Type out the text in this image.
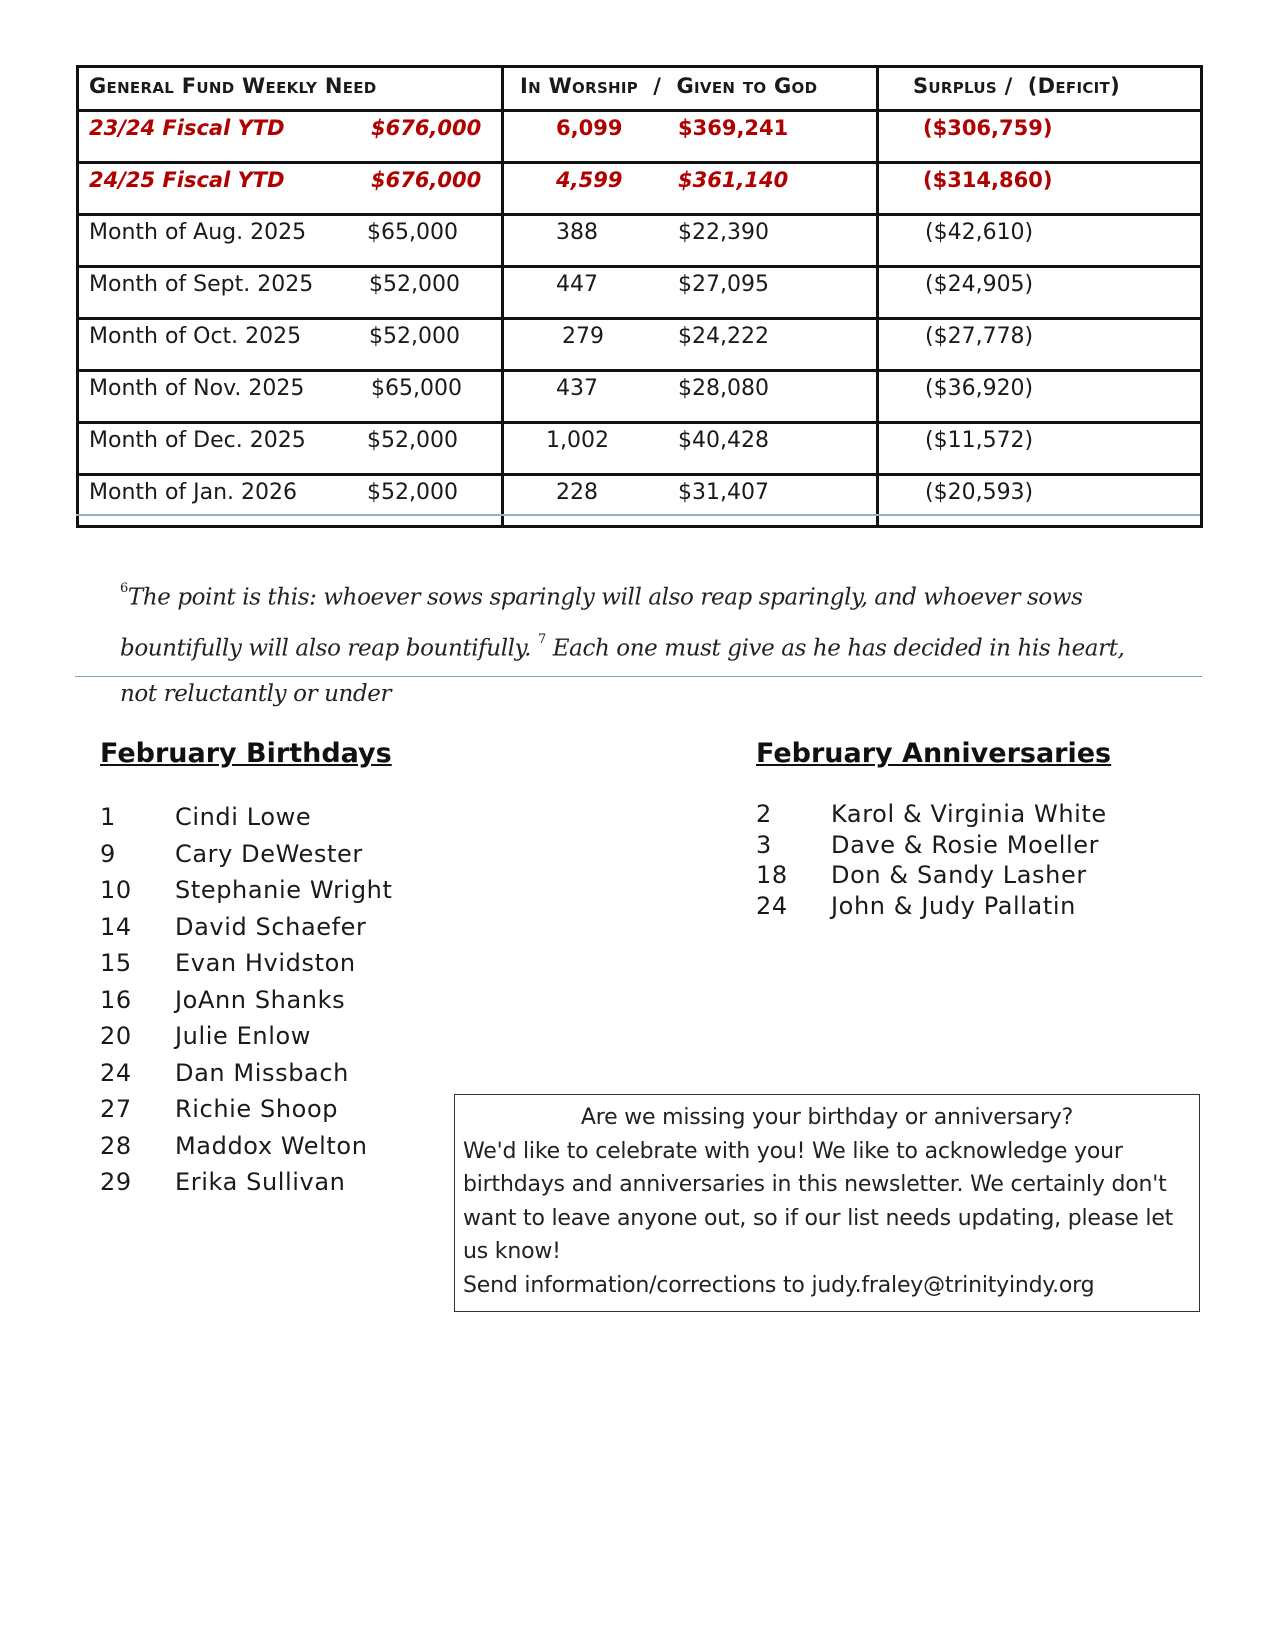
General Fund Weekly Need	In Worship  /  Given to God	Surplus /  (Deficit)

23/24 Fiscal YTD $676,000	6,099 $369,241	($306,759)

24/25 Fiscal YTD $676,000	4,599 $361,140	($314,860)

Month of Aug. 2025 $65,000	388 $22,390	($42,610)

Month of Sept. 2025 $52,000	447 $27,095	($24,905)

Month of Oct. 2025 $52,000	279 $24,222	($27,778)

Month of Nov. 2025 $65,000	437 $28,080	($36,920)

Month of Dec. 2025 $52,000	1,002 $40,428	($11,572)

Month of Jan. 2026 $52,000	228 $31,407	($20,593)
$^6$The point is this: whoever sows sparingly will also reap sparingly, and whoever sows bountifully will also reap bountifully. $^7$ Each one must give as he has decided in his heart, not reluctantly or under
February Birthdays
1 Cindi Lowe
9 Cary DeWester
10 Stephanie Wright
14 David Schaefer
15 Evan Hvidston
16 JoAnn Shanks
20 Julie Enlow
24 Dan Missbach
27 Richie Shoop
28 Maddox Welton
29 Erika Sullivan
February Anniversaries
2 Karol & Virginia White
3 Dave & Rosie Moeller
18 Don & Sandy Lasher
24 John & Judy Pallatin
Are we missing your birthday or anniversary?
We'd like to celebrate with you! We like to acknowledge your birthdays and anniversaries in this newsletter. We certainly don't want to leave anyone out, so if our list needs updating, please let us know!
Send information/corrections to judy.fraley@trinityindy.org
